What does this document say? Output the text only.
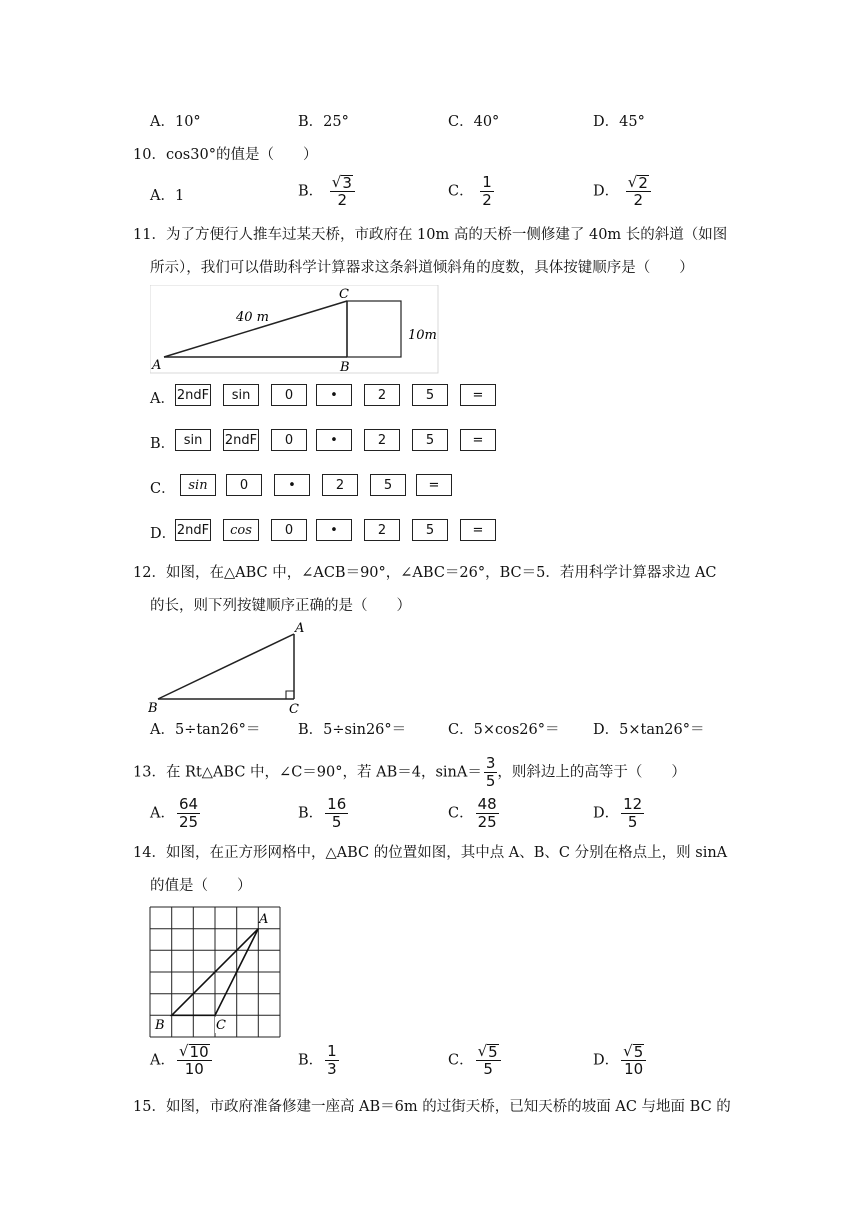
A．10°	B．25°	C．40°	D．45°
10．cos30°的值是（　　）
A．1	B． $\frac{√ 3}{2}$	C． $\frac{1}{2}$	D． $\frac{√ 2}{2}$
11．为了方便行人推车过某天桥，市政府在 10m 高的天桥一侧修建了 40m 长的斜道（如图
所示），我们可以借助科学计算器求这条斜道倾斜角的度数，具体按键顺序是（　　）
40 m
10m
A	B
C
A． 2ndF	sin	0	•	2	5	=
B． sin	2ndF	0	•	2	5	=
C． sin	0	•	2	5	=
D． 2ndF	cos	0	•	2	5	=
12．如图，在△ABC 中，∠ACB＝90°，∠ABC＝26°，BC＝5．若用科学计算器求边 AC
的长，则下列按键顺序正确的是（　　）
A
B	C
A．5÷tan26°＝	B．5÷sin26°＝	C．5×cos26°＝ D．5×tan26°＝
13．在 Rt△ABC 中，∠C＝90°，若 AB＝4，$\sin A= \frac{3}{5}$ ，则斜边上的高等于（　　）
A． $\frac{64}{25}$	B． $\frac{16}{5}$	C． $\frac{48}{25}$	D． $\frac{12}{5}$
14．如图，在正方形网格中，△ABC 的位置如图，其中点 A、B、C 分别在格点上，则 sinA
的值是（　　）
A
B	C
A． $\frac{√ 10}{10}$	B． $\frac{1}{3}$	C． $\frac{√ 5}{5}$	D． $\frac{√ 5}{10}$
15．如图，市政府准备修建一座高 AB＝6m 的过街天桥，已知天桥的坡面 AC 与地面 BC 的
